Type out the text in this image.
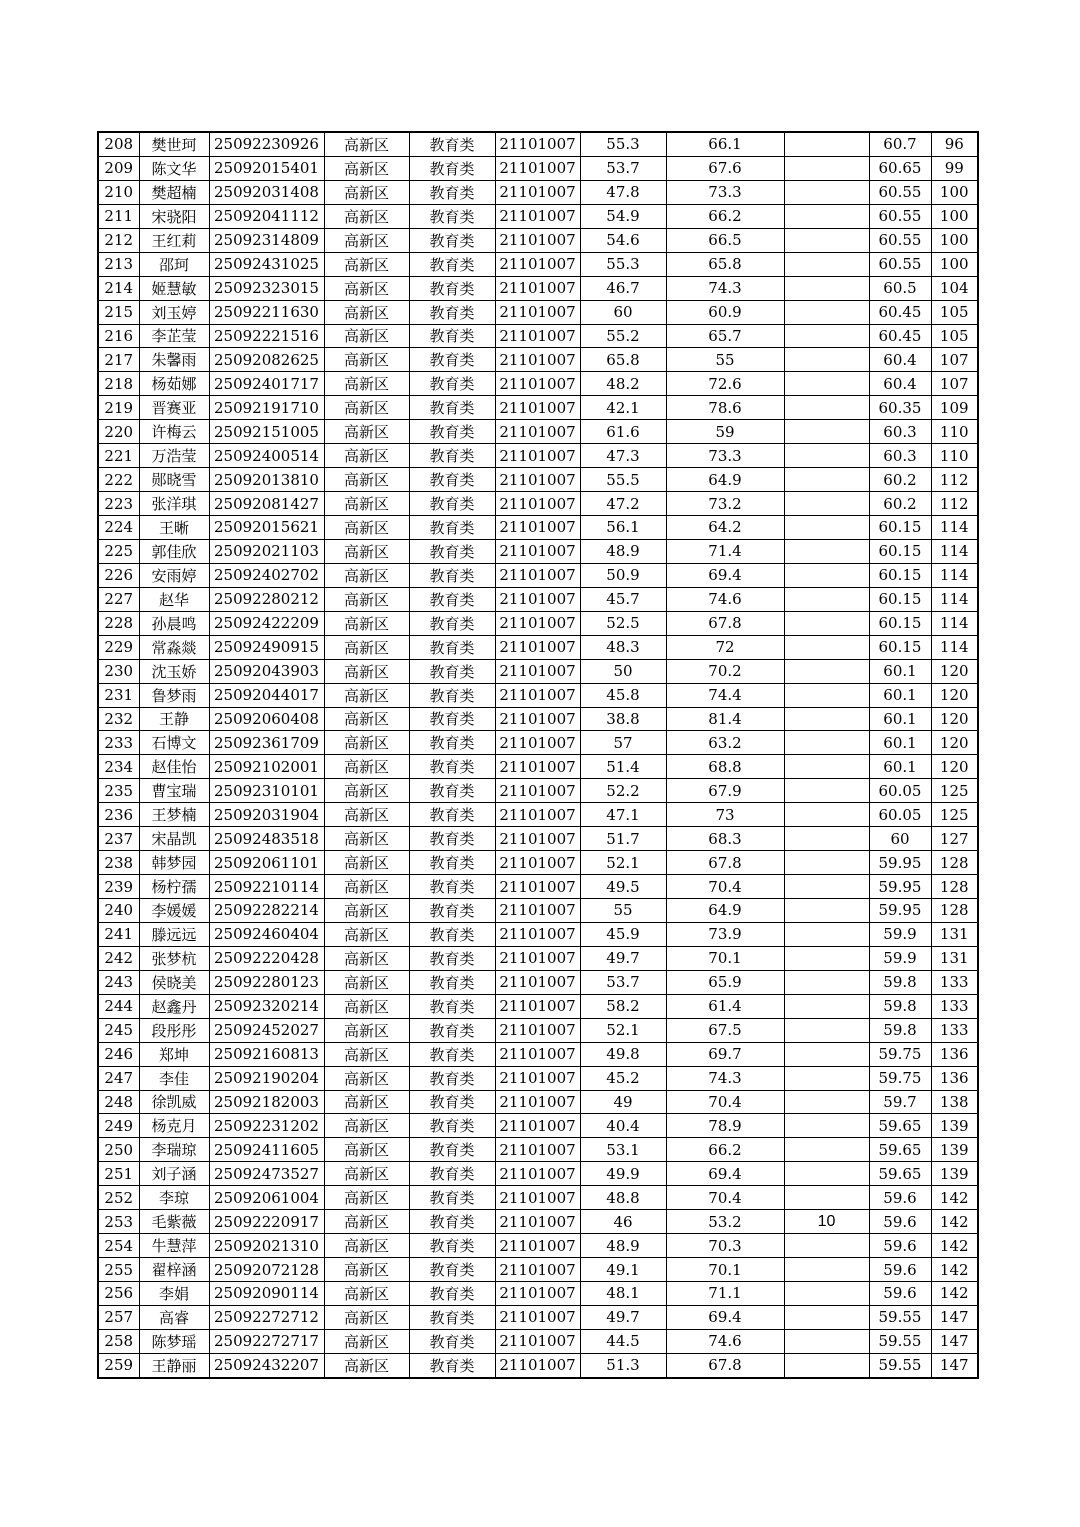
208	樊世珂	25092230926	高新区	教育类	21101007	55.3	66.1		60.7	96
209	陈文华	25092015401	高新区	教育类	21101007	53.7	67.6		60.65	99
210	樊超楠	25092031408	高新区	教育类	21101007	47.8	73.3		60.55	100
211	宋骁阳	25092041112	高新区	教育类	21101007	54.9	66.2		60.55	100
212	王红莉	25092314809	高新区	教育类	21101007	54.6	66.5		60.55	100
213	邵珂	25092431025	高新区	教育类	21101007	55.3	65.8		60.55	100
214	姬慧敏	25092323015	高新区	教育类	21101007	46.7	74.3		60.5	104
215	刘玉婷	25092211630	高新区	教育类	21101007	60	60.9		60.45	105
216	李芷莹	25092221516	高新区	教育类	21101007	55.2	65.7		60.45	105
217	朱馨雨	25092082625	高新区	教育类	21101007	65.8	55		60.4	107
218	杨茹娜	25092401717	高新区	教育类	21101007	48.2	72.6		60.4	107
219	晋赛亚	25092191710	高新区	教育类	21101007	42.1	78.6		60.35	109
220	许梅云	25092151005	高新区	教育类	21101007	61.6	59		60.3	110
221	万浩莹	25092400514	高新区	教育类	21101007	47.3	73.3		60.3	110
222	郧晓雪	25092013810	高新区	教育类	21101007	55.5	64.9		60.2	112
223	张洋琪	25092081427	高新区	教育类	21101007	47.2	73.2		60.2	112
224	王晰	25092015621	高新区	教育类	21101007	56.1	64.2		60.15	114
225	郭佳欣	25092021103	高新区	教育类	21101007	48.9	71.4		60.15	114
226	安雨婷	25092402702	高新区	教育类	21101007	50.9	69.4		60.15	114
227	赵华	25092280212	高新区	教育类	21101007	45.7	74.6		60.15	114
228	孙晨鸣	25092422209	高新区	教育类	21101007	52.5	67.8		60.15	114
229	常淼燚	25092490915	高新区	教育类	21101007	48.3	72		60.15	114
230	沈玉娇	25092043903	高新区	教育类	21101007	50	70.2		60.1	120
231	鲁梦雨	25092044017	高新区	教育类	21101007	45.8	74.4		60.1	120
232	王静	25092060408	高新区	教育类	21101007	38.8	81.4		60.1	120
233	石博文	25092361709	高新区	教育类	21101007	57	63.2		60.1	120
234	赵佳怡	25092102001	高新区	教育类	21101007	51.4	68.8		60.1	120
235	曹宝瑞	25092310101	高新区	教育类	21101007	52.2	67.9		60.05	125
236	王梦楠	25092031904	高新区	教育类	21101007	47.1	73		60.05	125
237	宋晶凯	25092483518	高新区	教育类	21101007	51.7	68.3		60	127
238	韩梦园	25092061101	高新区	教育类	21101007	52.1	67.8		59.95	128
239	杨柠孺	25092210114	高新区	教育类	21101007	49.5	70.4		59.95	128
240	李媛媛	25092282214	高新区	教育类	21101007	55	64.9		59.95	128
241	滕远远	25092460404	高新区	教育类	21101007	45.9	73.9		59.9	131
242	张梦杭	25092220428	高新区	教育类	21101007	49.7	70.1		59.9	131
243	侯晓美	25092280123	高新区	教育类	21101007	53.7	65.9		59.8	133
244	赵鑫丹	25092320214	高新区	教育类	21101007	58.2	61.4		59.8	133
245	段彤彤	25092452027	高新区	教育类	21101007	52.1	67.5		59.8	133
246	郑坤	25092160813	高新区	教育类	21101007	49.8	69.7		59.75	136
247	李佳	25092190204	高新区	教育类	21101007	45.2	74.3		59.75	136
248	徐凯威	25092182003	高新区	教育类	21101007	49	70.4		59.7	138
249	杨克月	25092231202	高新区	教育类	21101007	40.4	78.9		59.65	139
250	李瑞琼	25092411605	高新区	教育类	21101007	53.1	66.2		59.65	139
251	刘子涵	25092473527	高新区	教育类	21101007	49.9	69.4		59.65	139
252	李琼	25092061004	高新区	教育类	21101007	48.8	70.4		59.6	142
253	毛紫薇	25092220917	高新区	教育类	21101007	46	53.2	10	59.6	142
254	牛慧萍	25092021310	高新区	教育类	21101007	48.9	70.3		59.6	142
255	翟梓涵	25092072128	高新区	教育类	21101007	49.1	70.1		59.6	142
256	李娟	25092090114	高新区	教育类	21101007	48.1	71.1		59.6	142
257	高睿	25092272712	高新区	教育类	21101007	49.7	69.4		59.55	147
258	陈梦瑶	25092272717	高新区	教育类	21101007	44.5	74.6		59.55	147
259	王静丽	25092432207	高新区	教育类	21101007	51.3	67.8		59.55	147
